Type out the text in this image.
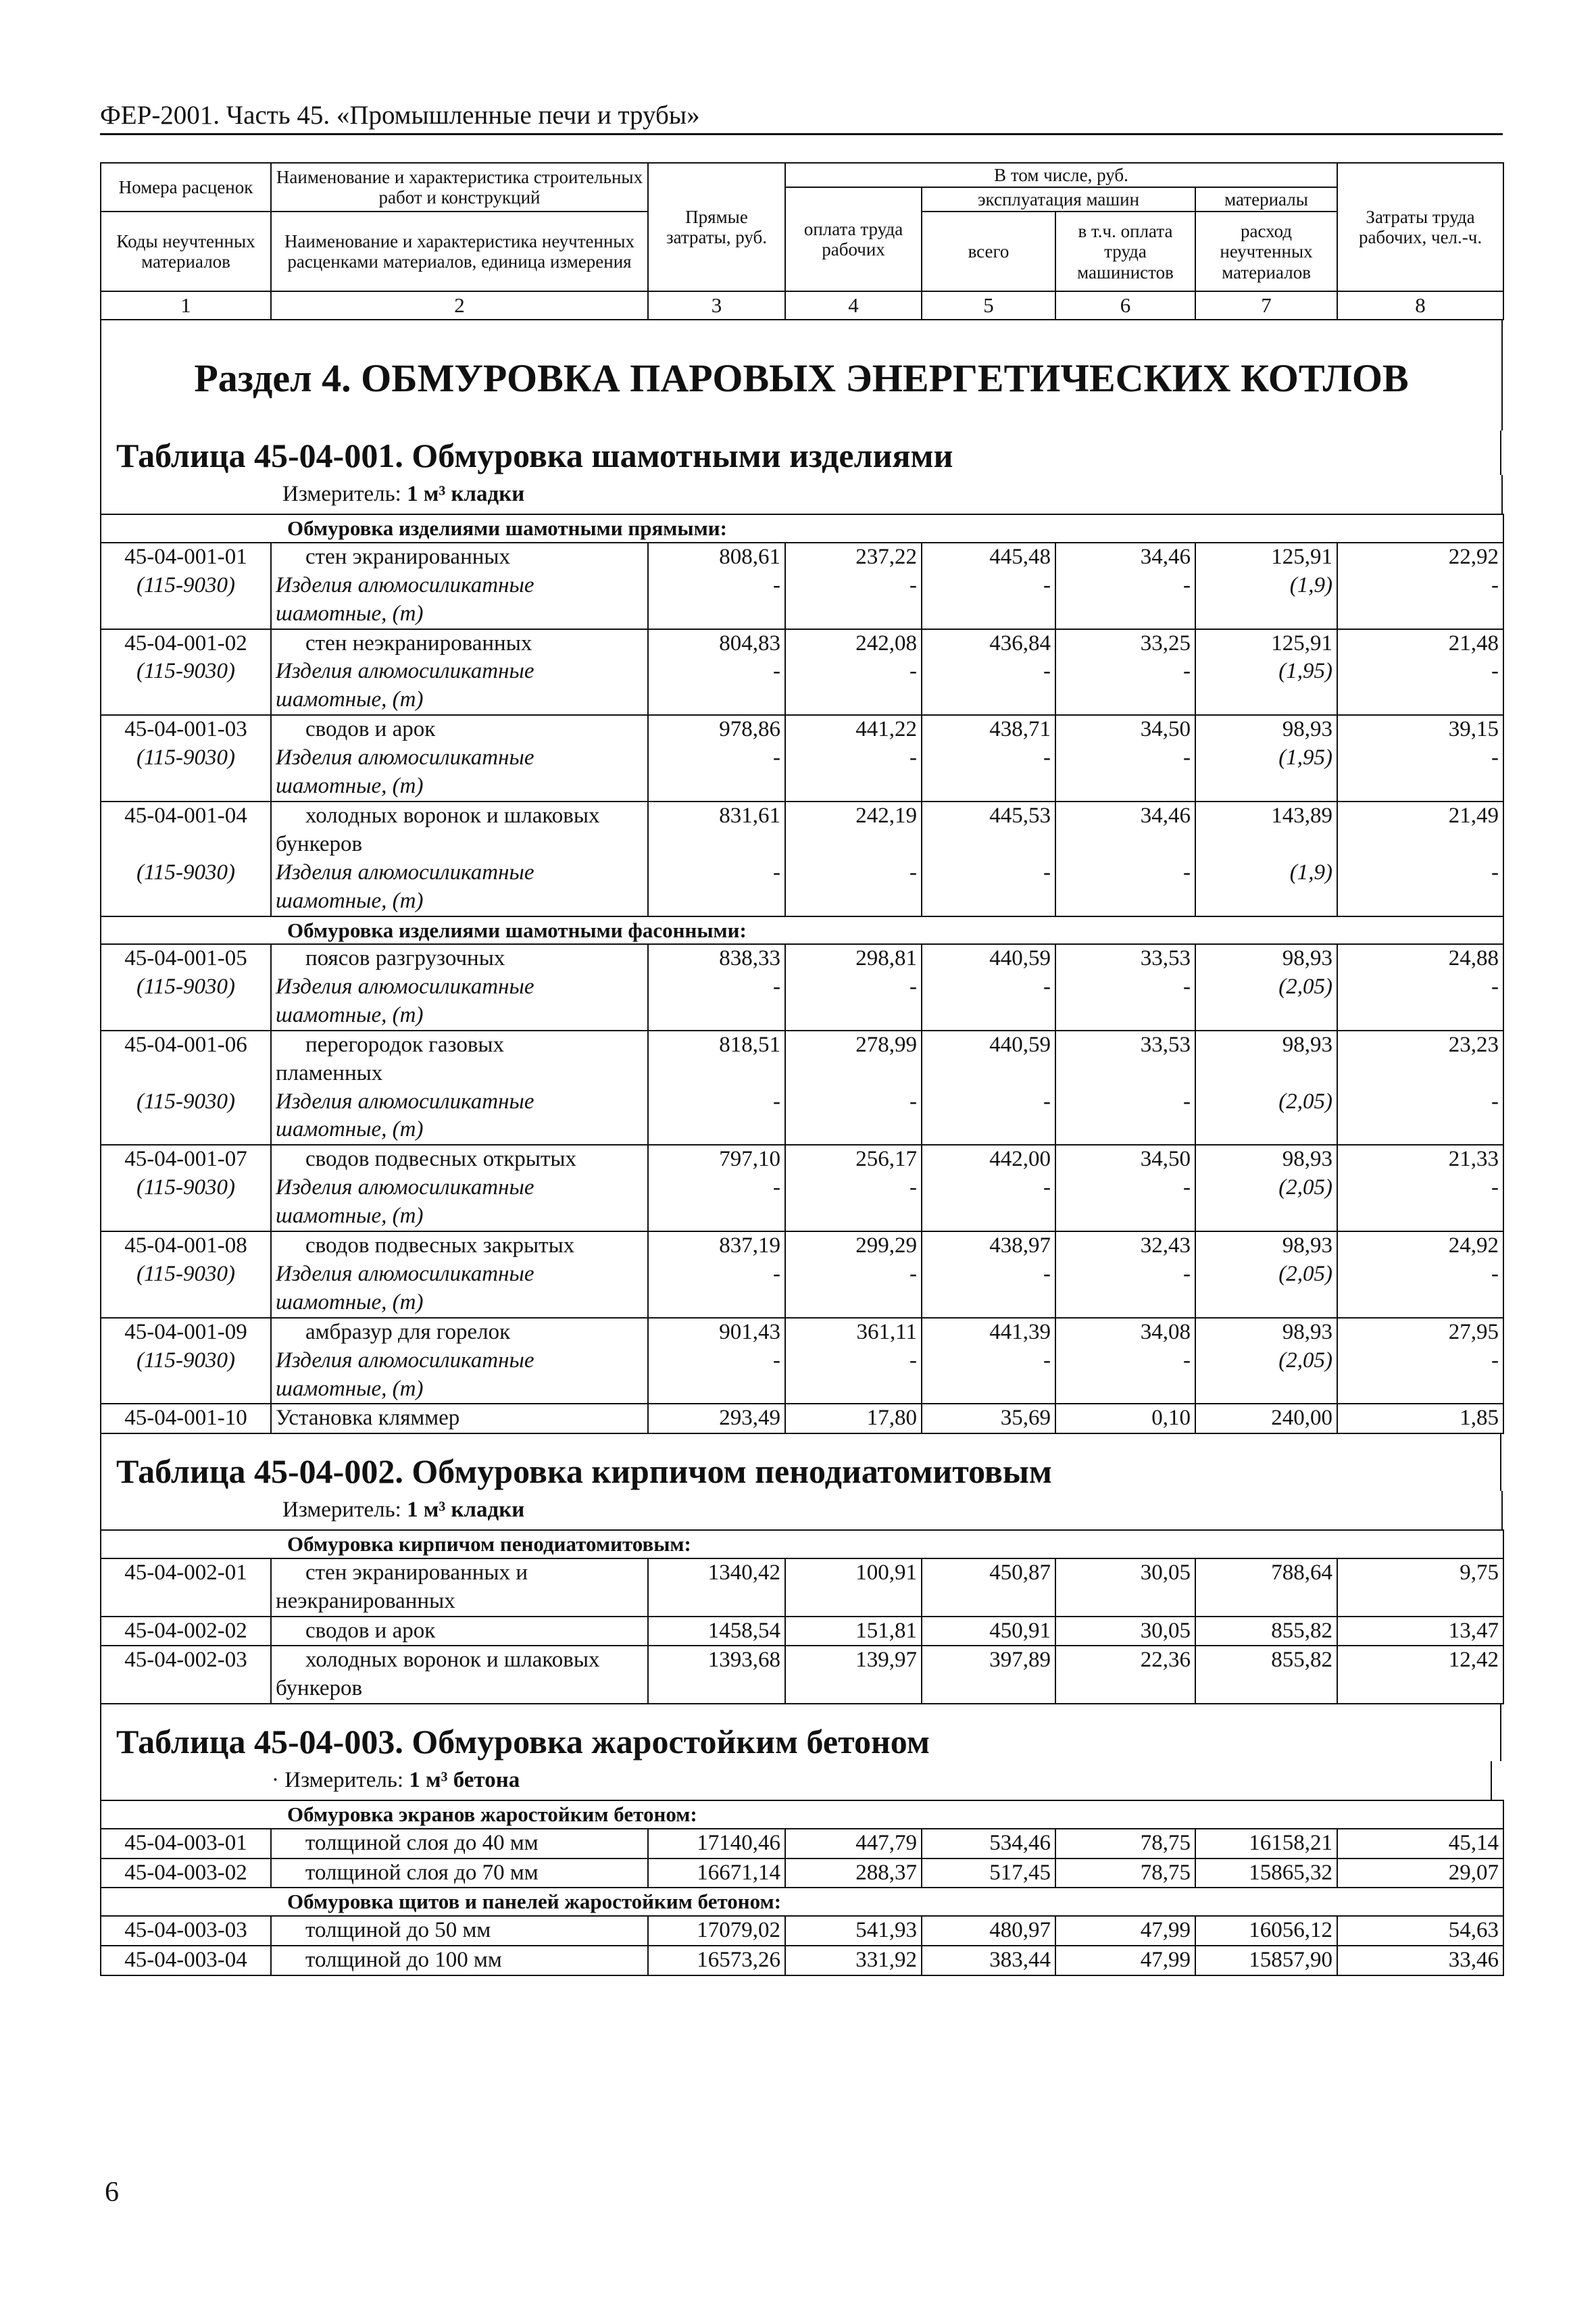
ФЕР-2001. Часть 45. «Промышленные печи и трубы»
Номера расценок	Наименование и характеристика строительных работ и конструкций	Прямые затраты, руб.	В том числе, руб.				Затраты труда рабочих, чел.-ч.
			оплата труда рабочих	эксплуатация машин		материалы	
Коды неучтенных материалов	Наименование и характеристика неучтенных расценками материалов, единица измерения			всего	в т.ч. оплата труда машинистов	расход неучтенных материалов	

1	2	3	4	5	6	7	8
Раздел 4. ОБМУРОВКА ПАРОВЫХ ЭНЕРГЕТИЧЕСКИХ КОТЛОВ
Таблица 45-04-001. Обмуровка шамотными изделиями
Измеритель: 1 м³ кладки
Обмуровка изделиями шамотными прямыми:							
45-04-001-01	стен экранированных	808,61	237,22	445,48	34,46	125,91	22,92
(115-9030)	Изделия алюмосиликатные
шамотные, (т)	-	-	-	-	(1,9)	-
45-04-001-02	стен неэкранированных	804,83	242,08	436,84	33,25	125,91	21,48
(115-9030)	Изделия алюмосиликатные
шамотные, (т)	-	-	-	-	(1,95)	-
45-04-001-03	сводов и арок	978,86	441,22	438,71	34,50	98,93	39,15
(115-9030)	Изделия алюмосиликатные
шамотные, (т)	-	-	-	-	(1,95)	-
45-04-001-04	холодных воронок и шлаковых	831,61	242,19	445,53	34,46	143,89	21,49
	бункеров						
(115-9030)	Изделия алюмосиликатные
шамотные, (т)	-	-	-	-	(1,9)	-
Обмуровка изделиями шамотными фасонными:							
45-04-001-05	поясов разгрузочных	838,33	298,81	440,59	33,53	98,93	24,88
(115-9030)	Изделия алюмосиликатные
шамотные, (т)	-	-	-	-	(2,05)	-
45-04-001-06	перегородок газовых	818,51	278,99	440,59	33,53	98,93	23,23
	пламенных						
(115-9030)	Изделия алюмосиликатные
шамотные, (т)	-	-	-	-	(2,05)	-
45-04-001-07	сводов подвесных открытых	797,10	256,17	442,00	34,50	98,93	21,33
(115-9030)	Изделия алюмосиликатные
шамотные, (т)	-	-	-	-	(2,05)	-
45-04-001-08	сводов подвесных закрытых	837,19	299,29	438,97	32,43	98,93	24,92
(115-9030)	Изделия алюмосиликатные
шамотные, (т)	-	-	-	-	(2,05)	-
45-04-001-09	амбразур для горелок	901,43	361,11	441,39	34,08	98,93	27,95
(115-9030)	Изделия алюмосиликатные
шамотные, (т)	-	-	-	-	(2,05)	-
45-04-001-10	Установка кляммер	293,49	17,80	35,69	0,10	240,00	1,85
Таблица 45-04-002. Обмуровка кирпичом пенодиатомитовым
Измеритель: 1 м³ кладки
Обмуровка кирпичом пенодиатомитовым:							
45-04-002-01	стен экранированных и	1340,42	100,91	450,87	30,05	788,64	9,75
	неэкранированных						
45-04-002-02	сводов и арок	1458,54	151,81	450,91	30,05	855,82	13,47
45-04-002-03	холодных воронок и шлаковых	1393,68	139,97	397,89	22,36	855,82	12,42
	бункеров						
Таблица 45-04-003. Обмуровка жаростойким бетоном
· Измеритель: 1 м³ бетона
Обмуровка экранов жаростойким бетоном:							
45-04-003-01	толщиной слоя до 40 мм	17140,46	447,79	534,46	78,75	16158,21	45,14
45-04-003-02	толщиной слоя до 70 мм	16671,14	288,37	517,45	78,75	15865,32	29,07
Обмуровка щитов и панелей жаростойким бетоном:							
45-04-003-03	толщиной до 50 мм	17079,02	541,93	480,97	47,99	16056,12	54,63
45-04-003-04	толщиной до 100 мм	16573,26	331,92	383,44	47,99	15857,90	33,46
6
